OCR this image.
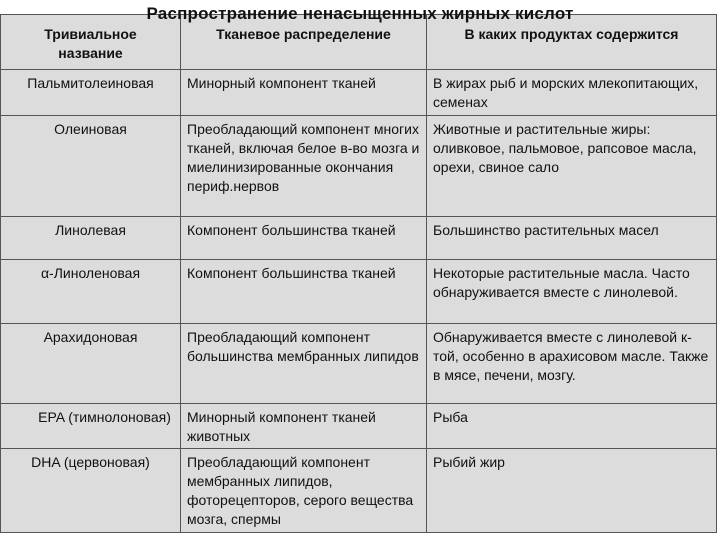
Распространение ненасыщенных жирных кислот
Тривиальное название	Тканевое распределение	В каких продуктах содержится
Пальмитолеиновая	Минорный компонент тканей	В жирах рыб и морских млекопитающих, семенах
Олеиновая	Преобладающий компонент многих тканей, включая белое в-во мозга и миелинизированные окончания периф.нервов	Животные и растительные жиры: оливковое, пальмовое, рапсовое масла, орехи, свиное сало
Линолевая	Компонент большинства тканей	Большинство растительных масел
α-Линоленовая	Компонент большинства тканей	Некоторые растительные масла. Часто обнаруживается вместе с линолевой.
Арахидоновая	Преобладающий компонент большинства мембранных липидов	Обнаруживается вместе с линолевой к-той, особенно в арахисовом масле. Также в мясе, печени, мозгу.
EPA (тимнолоновая)	Минорный компонент тканей животных	Рыба
DHA (цервоновая)	Преобладающий компонент мембранных липидов, фоторецепторов, серого вещества мозга, спермы	Рыбий жир
